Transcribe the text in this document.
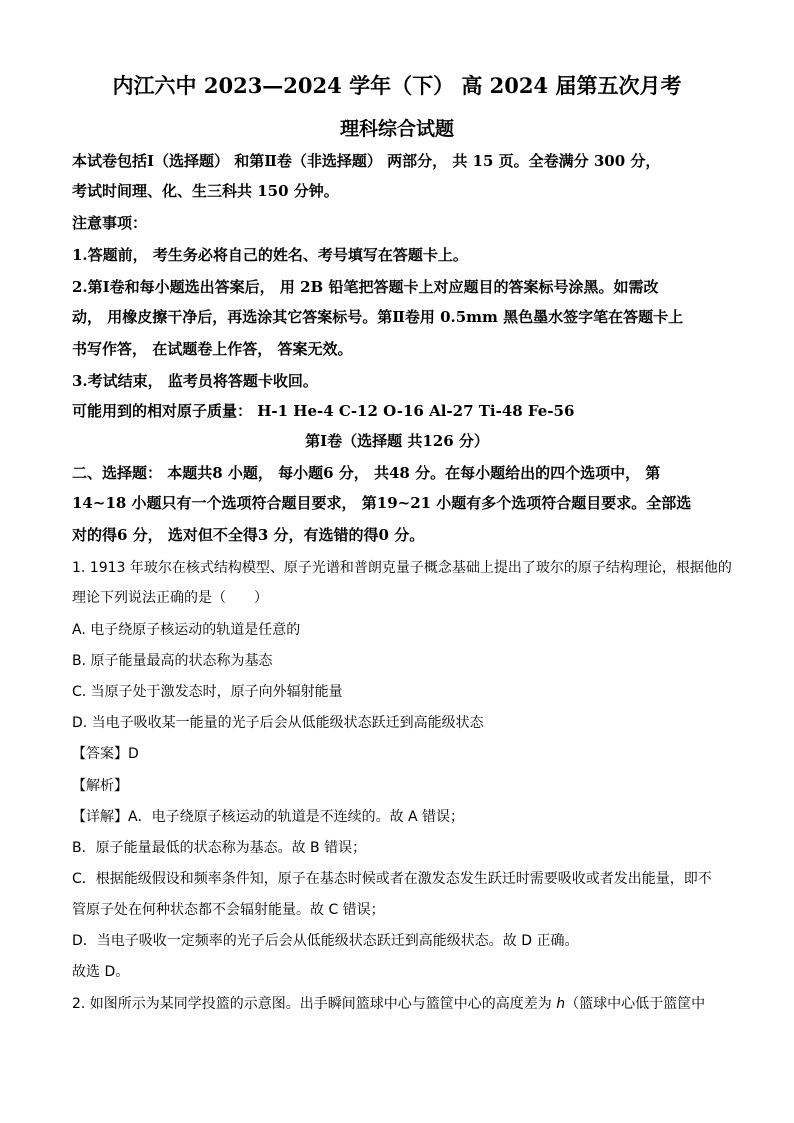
内江六中 2023—2024 学年（下） 高 2024 届第五次月考
理科综合试题
本试卷包括Ⅰ（选择题） 和第Ⅱ卷（非选择题） 两部分， 共 15 页。全卷满分 300 分，
考试时间理、化、生三科共 150 分钟。
注意事项：
1.答题前， 考生务必将自己的姓名、考号填写在答题卡上。
2.第Ⅰ卷和每小题选出答案后， 用 2B 铅笔把答题卡上对应题目的答案标号涂黑。如需改
动， 用橡皮擦干净后，再选涂其它答案标号。第Ⅱ卷用 0.5mm 黑色墨水签字笔在答题卡上
书写作答， 在试题卷上作答， 答案无效。
3.考试结束， 监考员将答题卡收回。
可能用到的相对原子质量： H-1 He-4 C-12 O-16 Al-27 Ti-48 Fe-56
第Ⅰ卷（选择题 共126 分）
二、选择题： 本题共8 小题， 每小题6 分， 共48 分。在每小题给出的四个选项中， 第
14~18 小题只有一个选项符合题目要求， 第19~21 小题有多个选项符合题目要求。全部选
对的得6 分， 选对但不全得3 分，有选错的得0 分。
1. 1913 年玻尔在核式结构模型、原子光谱和普朗克量子概念基础上提出了玻尔的原子结构理论，根据他的
理论下列说法正确的是（　　）
A. 电子绕原子核运动的轨道是任意的
B. 原子能量最高的状态称为基态
C. 当原子处于激发态时，原子向外辐射能量
D. 当电子吸收某一能量的光子后会从低能级状态跃迁到高能级状态
【答案】D
【解析】
【详解】A．电子绕原子核运动的轨道是不连续的。故 A 错误；
B．原子能量最低的状态称为基态。故 B 错误；
C．根据能级假设和频率条件知，原子在基态时候或者在激发态发生跃迁时需要吸收或者发出能量，即不
管原子处在何种状态都不会辐射能量。故 C 错误；
D．当电子吸收一定频率的光子后会从低能级状态跃迁到高能级状态。故 D 正确。
故选 D。
2. 如图所示为某同学投篮的示意图。出手瞬间篮球中心与篮筐中心的高度差为 h（篮球中心低于篮筐中
